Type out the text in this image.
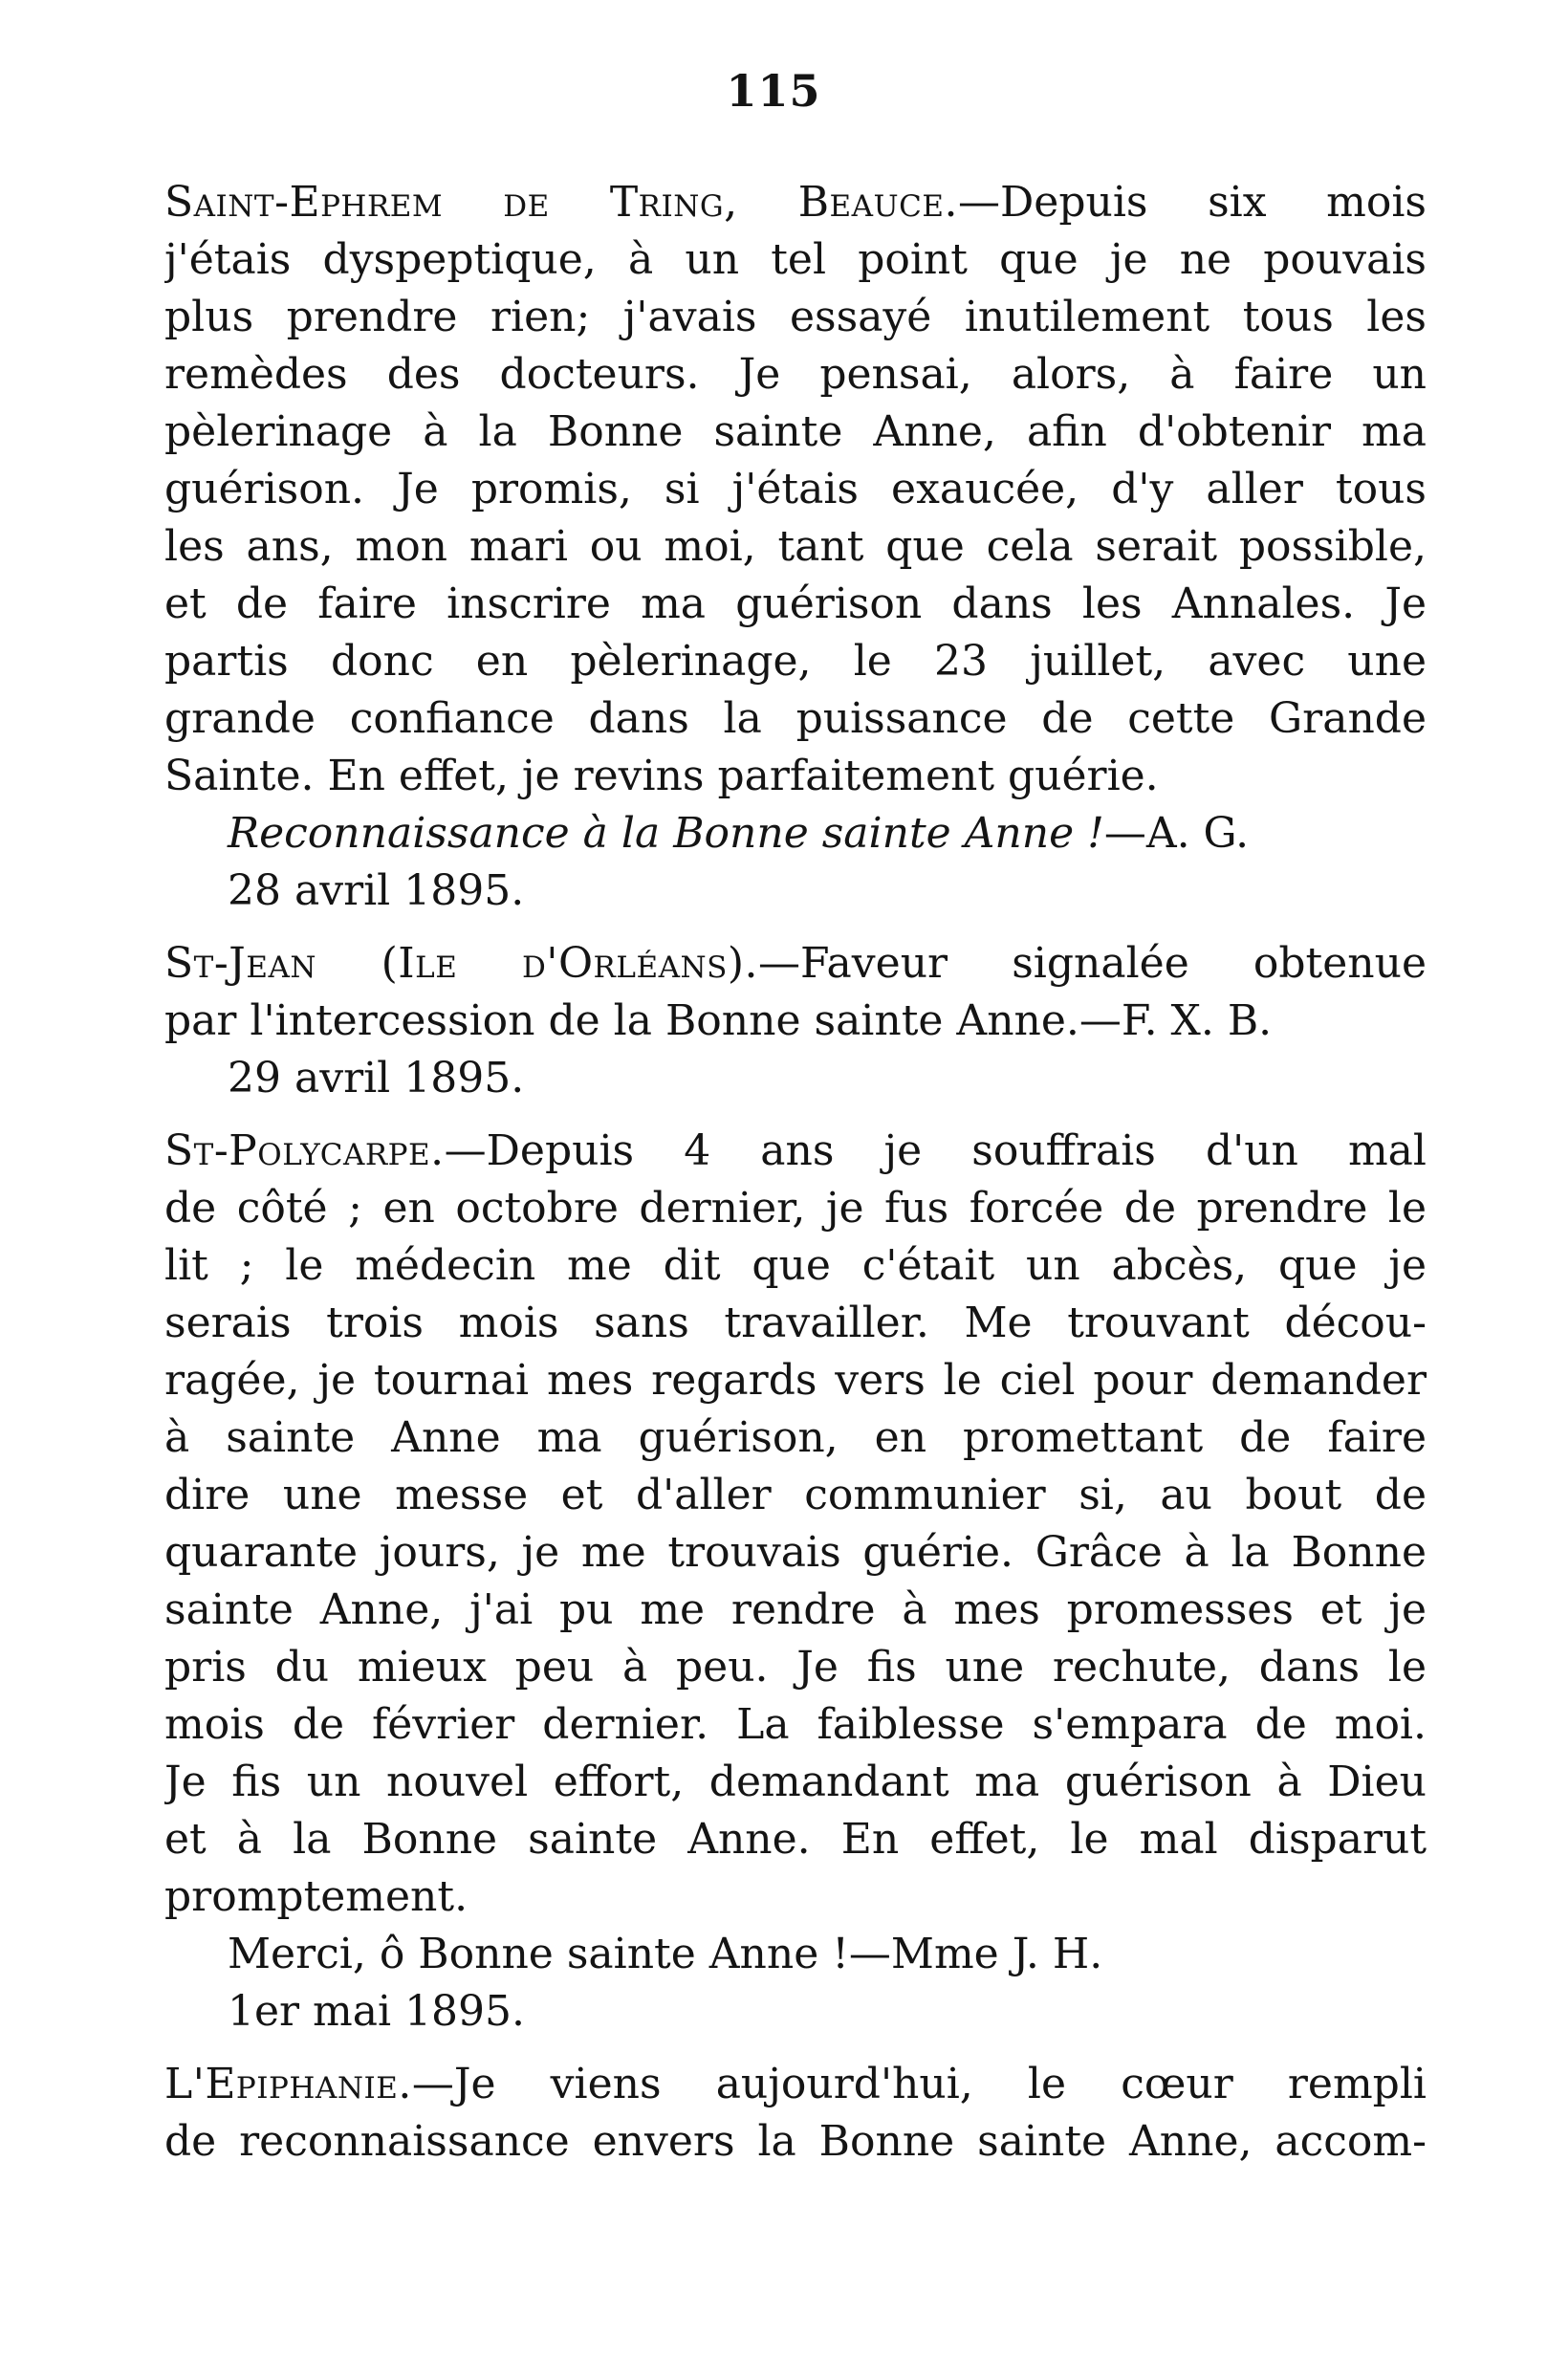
115
Saint-Ephrem de Tring, Beauce.—Depuis six mois
j'étais dyspeptique, à un tel point que je ne pouvais
plus prendre rien; j'avais essayé inutilement tous les
remèdes des docteurs. Je pensai, alors, à faire un
pèlerinage à la Bonne sainte Anne, afin d'obtenir ma
guérison. Je promis, si j'étais exaucée, d'y aller tous
les ans, mon mari ou moi, tant que cela serait possible,
et de faire inscrire ma guérison dans les Annales. Je
partis donc en pèlerinage, le 23 juillet, avec une
grande confiance dans la puissance de cette Grande
Sainte. En effet, je revins parfaitement guérie.
Reconnaissance à la Bonne sainte Anne !—A. G.
28 avril 1895.
St-Jean (Ile d'Orléans).—Faveur signalée obtenue
par l'intercession de la Bonne sainte Anne.—F. X. B.
29 avril 1895.
St-Polycarpe.—Depuis 4 ans je souffrais d'un mal
de côté ; en octobre dernier, je fus forcée de prendre le
lit ; le médecin me dit que c'était un abcès, que je
serais trois mois sans travailler. Me trouvant décou-
ragée, je tournai mes regards vers le ciel pour demander
à sainte Anne ma guérison, en promettant de faire
dire une messe et d'aller communier si, au bout de
quarante jours, je me trouvais guérie. Grâce à la Bonne
sainte Anne, j'ai pu me rendre à mes promesses et je
pris du mieux peu à peu. Je fis une rechute, dans le
mois de février dernier. La faiblesse s'empara de moi.
Je fis un nouvel effort, demandant ma guérison à Dieu
et à la Bonne sainte Anne. En effet, le mal disparut
promptement.
Merci, ô Bonne sainte Anne !—Mme J. H.
1er mai 1895.
L'Epiphanie.—Je viens aujourd'hui, le cœur rempli
de reconnaissance envers la Bonne sainte Anne, accom-
